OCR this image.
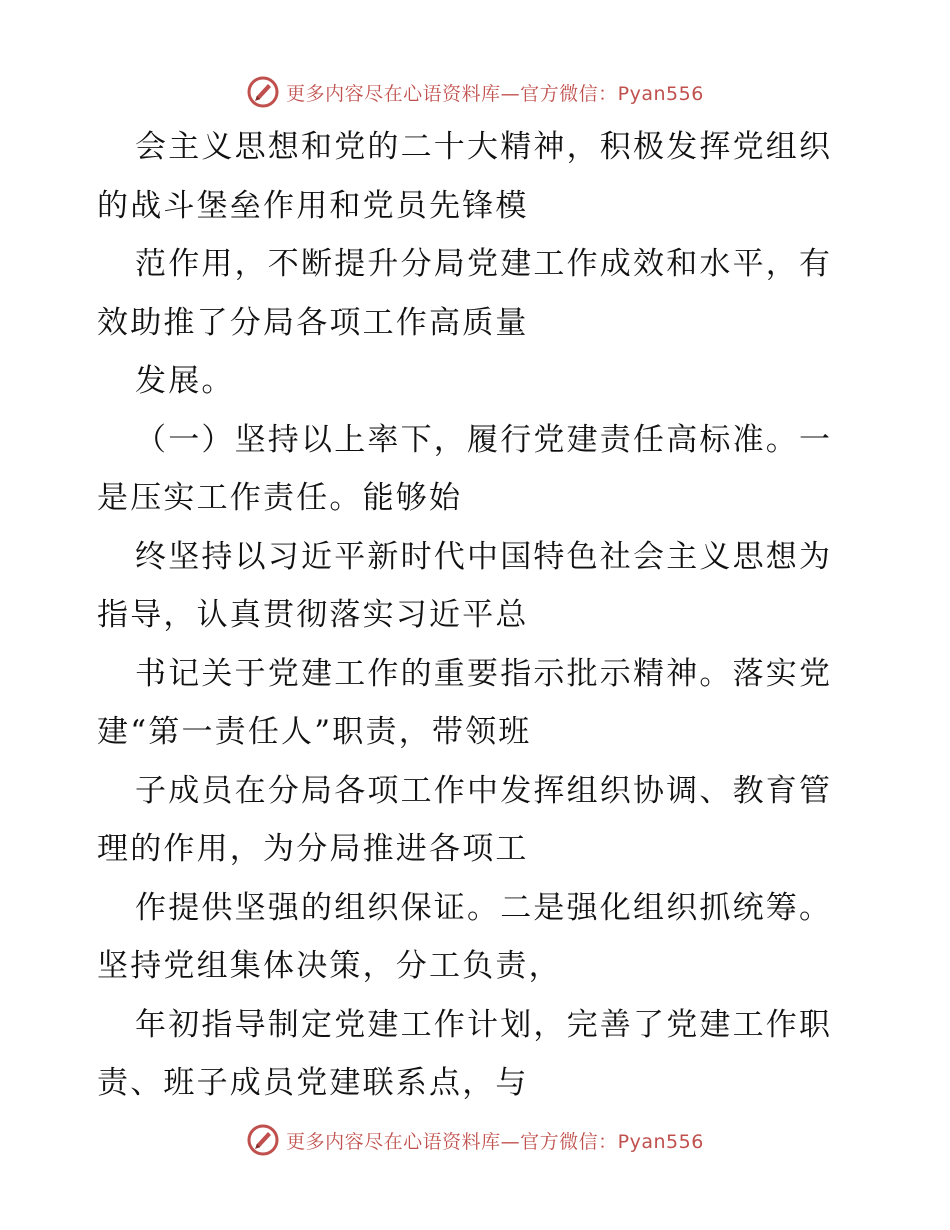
更多内容尽在心语资料库—官方微信：Pyan556
会主义思想和党的二十大精神，积极发挥党组织
的战斗堡垒作用和党员先锋模
范作用，不断提升分局党建工作成效和水平，有
效助推了分局各项工作高质量
发展。
（一）坚持以上率下，履行党建责任高标准。一
是压实工作责任。能够始
终坚持以习近平新时代中国特色社会主义思想为
指导，认真贯彻落实习近平总
书记关于党建工作的重要指示批示精神。落实党
建“第一责任人”职责，带领班
子成员在分局各项工作中发挥组织协调、教育管
理的作用，为分局推进各项工
作提供坚强的组织保证。二是强化组织抓统筹。
坚持党组集体决策，分工负责，
年初指导制定党建工作计划，完善了党建工作职
责、班子成员党建联系点，与
更多内容尽在心语资料库—官方微信：Pyan556
